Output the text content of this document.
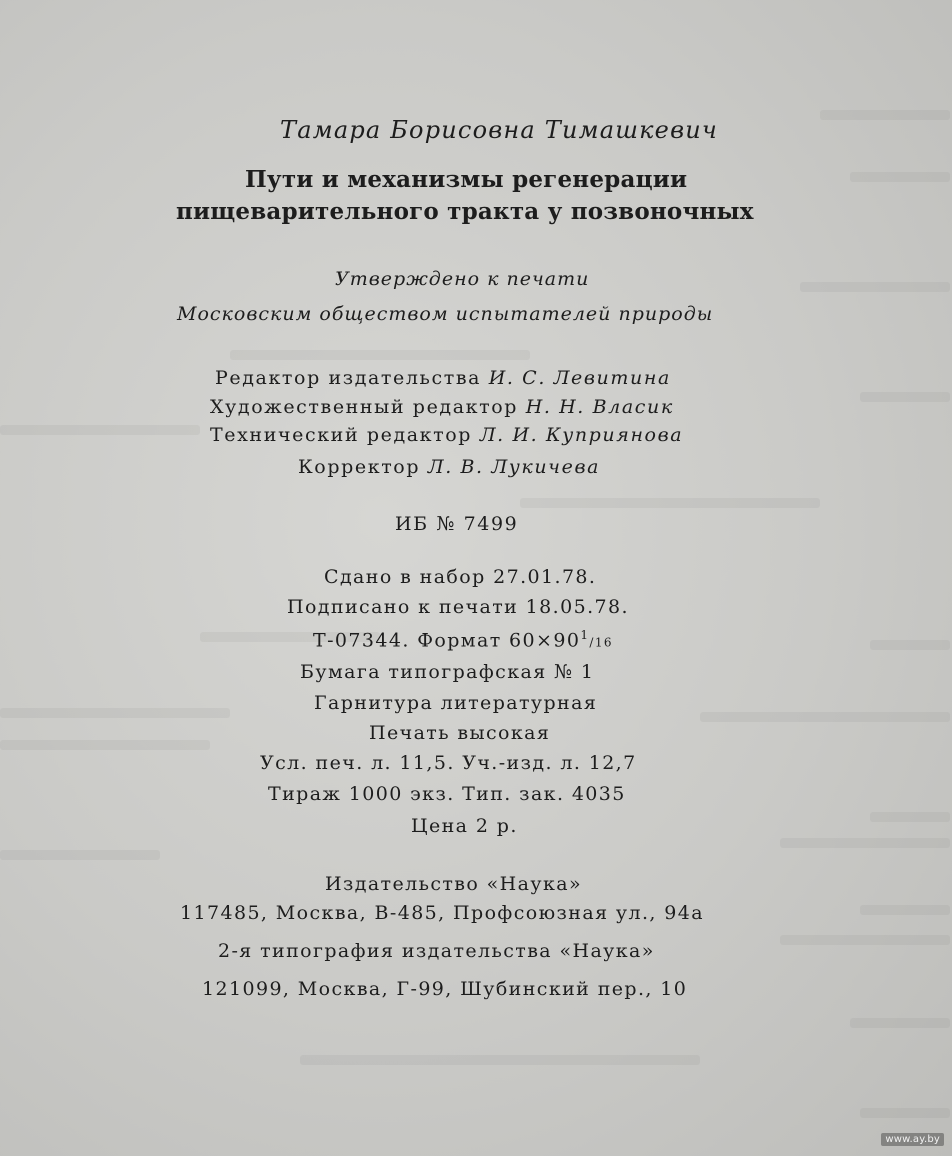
Тамара Борисовна Тимашкевич
Пути и механизмы регенерации
пищеварительного тракта у позвоночных
Утверждено к печати
Московским обществом испытателей природы
Редактор издательства И. С. Левитина
Художественный редактор Н. Н. Власик
Технический редактор Л. И. Куприянова
Корректор Л. В. Лукичева
ИБ № 7499
Сдано в набор 27.01.78.
Подписано к печати 18.05.78.
Т-07344. Формат $60\times 90^1/16$
Бумага типографская № 1
Гарнитура литературная
Печать высокая
Усл. печ. л. 11,5. Уч.-изд. л. 12,7
Тираж 1000 экз. Тип. зак. 4035
Цена 2 р.
Издательство «Наука»
117485, Москва, В-485, Профсоюзная ул., 94а
2-я типография издательства «Наука»
121099, Москва, Г-99, Шубинский пер., 10
www.ay.by
